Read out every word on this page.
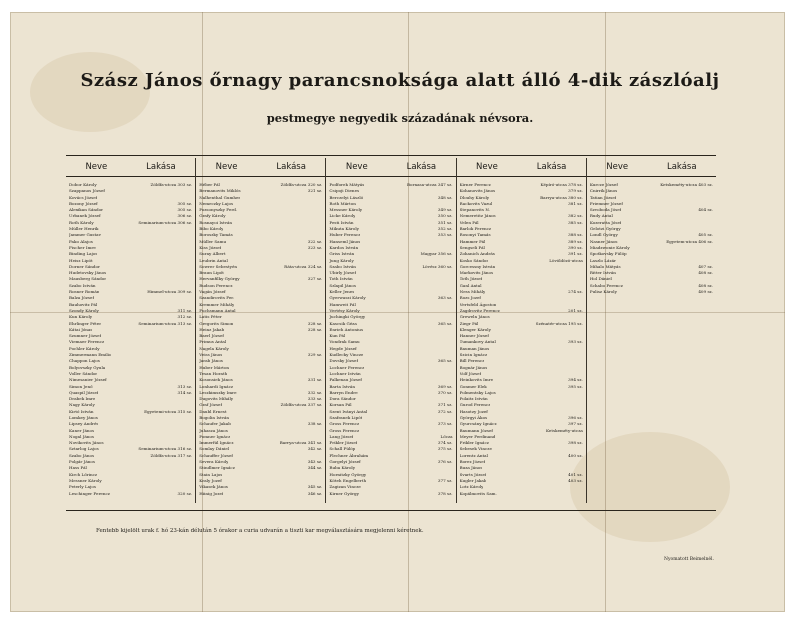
Szász János őrnagy parancsnoksága alatt álló 4-dik zászlóalj
pestmegye negyedik századának névsora.
Neve	Lakása
Dobor Károly	Zöldfa-utcza 303 sz.
Szappanos József
Kovács József
Bozony József	305 sz.
Alexikan Sándor	305 sz.
Urbanek József	306 sz.
Roth Károly	Seminarium-utcza 306 sz.
Müller Henrik
Jammer Gustav
Fako Alajos
Fischer Imre
Binding Lajos
Heisz Lipót
Dorner Sándor
Hudetovsky János
Mausberg Sándor
Szabo István
Rosner Román	Himmel-utcza 309 sz.
Balza József
Bauhovitz Pál
Szondy Károly	311 sz.
Kun Károly	312 sz.
Ehrlinger Péter	Seminarium-utcza 313 sz.
Kátai Jónas
Szumner József
Viemaer Ferencz
Pochler Károly
Zimmermann Emilio
Chappon Lajos
Bolyovszky Gyula
Voller Sándor
Nimesanier József
Simon Jenő	313 sz.
Quaspil József	314 sz.
Drabek Imre
Nagy Károly
Kirtó István	Egyetemi-utcza 315 sz.
Lomkey János
Lipsey Andrés
Kaner János
Nogal János
Novikovits János
Sztarlog Lajos	Seminarium-utcza 316 sz.
Szabo János	Zöldfa-utcza 317 sz.
Polgár János
Hass Pál
Kirch Lőrincz
Messner Károly
Peterly Lajos
Leschinger Ferencz	320 sz.
Neve	Lakása
Héber Pál	Zöldfa-utcza 320 sz.
Bermanovits Miklós	321 sz.
Nalhenthal Gumher
Nemeczky Lajos
Pozsonyszky Ferd.
Grafy Károly
Rosnayoi István
Bibo Károly
Boroszky Tamás
Müller Samu	322 sz.
Kiss József	323 sz.
Suray Albert
Leubrin Antal
Sowrer Sebestyén	Ráta-utcza 324 sz.
Braun Lipót
Hervanfilky György	327 sz.
Rudson Ferencz
Vagán József
Szandirovits Fer.
Kremmer Mihály
Fuchsmann Antal
Latis Péter
Gregorits Simon	328 sz.
Heinz Jakab	328 sz.
Baerl József
Primus Antal
Nagela Károly
Veiss János	329 sz.
Jarab János
Huber Márton
Tesan Horath
Kosonsiek János	331 sz.
Lonhardi Ignácz
Leszkimszky Imre	332 sz.
Dugovits Mihály	333 sz.
Graf József	Zöldfa-utcza 337 sz.
Daubl Ernest
Bogolin István
Schaufer Jakab	338 sz.
Juhasza János
Pomner Ignácz
Immerfül Ignácz	Barrya-utcza 341 sz.
Somlay Dániel	342 sz.
Schauffer József
Severa Károly	343 sz.
Stindlmer Ignácz	344 sz.
Stain Lajos
Kraly Jozef
Vikasek János	345 sz.
Hiinig Jozef	346 sz.
Neve	Lakása
Podforek Mátyás	Bornasa-utcza 347 sz.
Csipoji Dienes
Berczelyi László	348 sz.
Roth Márton
Messner Károly	349 sz.
Licke Károly	350 sz.
Pesti István	351 sz.
Mikuta Károly	352 sz.
Huber Ferencz	353 sz.
Hanseml János
Kardos István
Griss István	Magyar 356 sz.
Jung Károly
Szabo István	Lövész 360 sz.
Ubirly József
Toth István
Szlapil János
Keller Jenes
Gyerwaszi Károly	363 sz.
Hamweit Pál
Vertésy Károly
Juchingki György
Kascsik Géza	365 sz.
Enrieh Antonius
Kun Pál
Vondrak Samu
Hegde József
Kudlecky Vincze
Dovsky József	365 sz.
Lochner Ferencz
Lochner István
Falkenau József
Barta István	369 sz.
Barryn Endre	370 sz.
Dora Sándor
Korsan Pál	371 sz.
Szent Iványi Antal	372 sz.
Szafranek Lipót
Gross Ferencz	373 sz.
Gross Ferencz
Lang József	Lőcza
Frikler József	374 sz.
Schall Fülöp	375 sz.
Flechner Ábrahám
Gorgelyi József	376 sz.
Ruba Károly
Hornitzky György
Köteh Engelberth	377 sz.
Zagizan Vincze
Kirner György	378 sz.
Neve	Lakása
Kirner Ferencz	Képíró-utcza 378 sz.
Kohanovits János	379 sz.
Dlouhy Károly	Barrya-utcza 380 sz.
Rackovits Vazul	381 sz.
Stepanovits N.
Nemeretitz János	382 sz.
Velen Pál	385 sz.
Barlok Ferencz
Rosonyi Tamás	388 sz.
Hammer Pál	389 sz.
Sengseli Pál	390 sz.
Zohanich András	391 sz.
Kosko Sándor	Lövöldözö-utcza
Gorcessny István
Markovits János
Toth József
Ganl Antal
Ness Mihály	274 sz.
Rozs Jozef
Vertsfeld Ágoston
Zagdrovitz Ferencz	201 sz.
Greweln János
Ziegr Pál	Szénatér-utcza 195 sz.
Klenger Károly
Hanner József
Tumankovy Antal	393 sz.
Bauman János
Szicin Ignácz
Bill Ferencz
Bognár János
Volf József
Heinkovits Imre	394 sz.
Gonmer Elek	395 sz.
Polmentsky Lajos
Polaitz István
Gurod Ferencz
Hasotzy Jozef
Györgyi Ákos	396 sz.
Gyurcsány Ignácz	397 sz.
Baumann József	Ketskeméty-utcza
Meyer Ferdinand
Frikler Ignácz	398 sz.
Sebesek Vincze
Lorentz Antal	400 sz.
Borez József
Buza János
Svarts József	401 sz.
Kugler Jakab	403 sz.
Lotz Károly
Kopálmovits Sam.
Neve	Lakása
Kurcze József	Ketskeméty-utcza 403 sz.
Cnirrik János
Tatian József
Friemner József
Szvoboda Jósef	404 sz.
Rudy Antal
Kozeratta Jósef
Gelotzi György
Londl György	405 sz.
Nasner János	Egyetem-utcza 406 sz.
Miadzwonie Károly
Spotkovsky Fülöp
Laszlo Lázár
Mihalo Mátyás	407 sz.
Ritter István	408 sz.
Hol Dániel
Schabo Ferencz	408 sz.
Pulisz Károly	409 sz.
Fentebb kijelölt urak f. hó 23-kán délután 5 órakor a curia udvarán a tiszti kar megválasztására megjelenni kéretnek.
Nyomatott Beimelnél.
